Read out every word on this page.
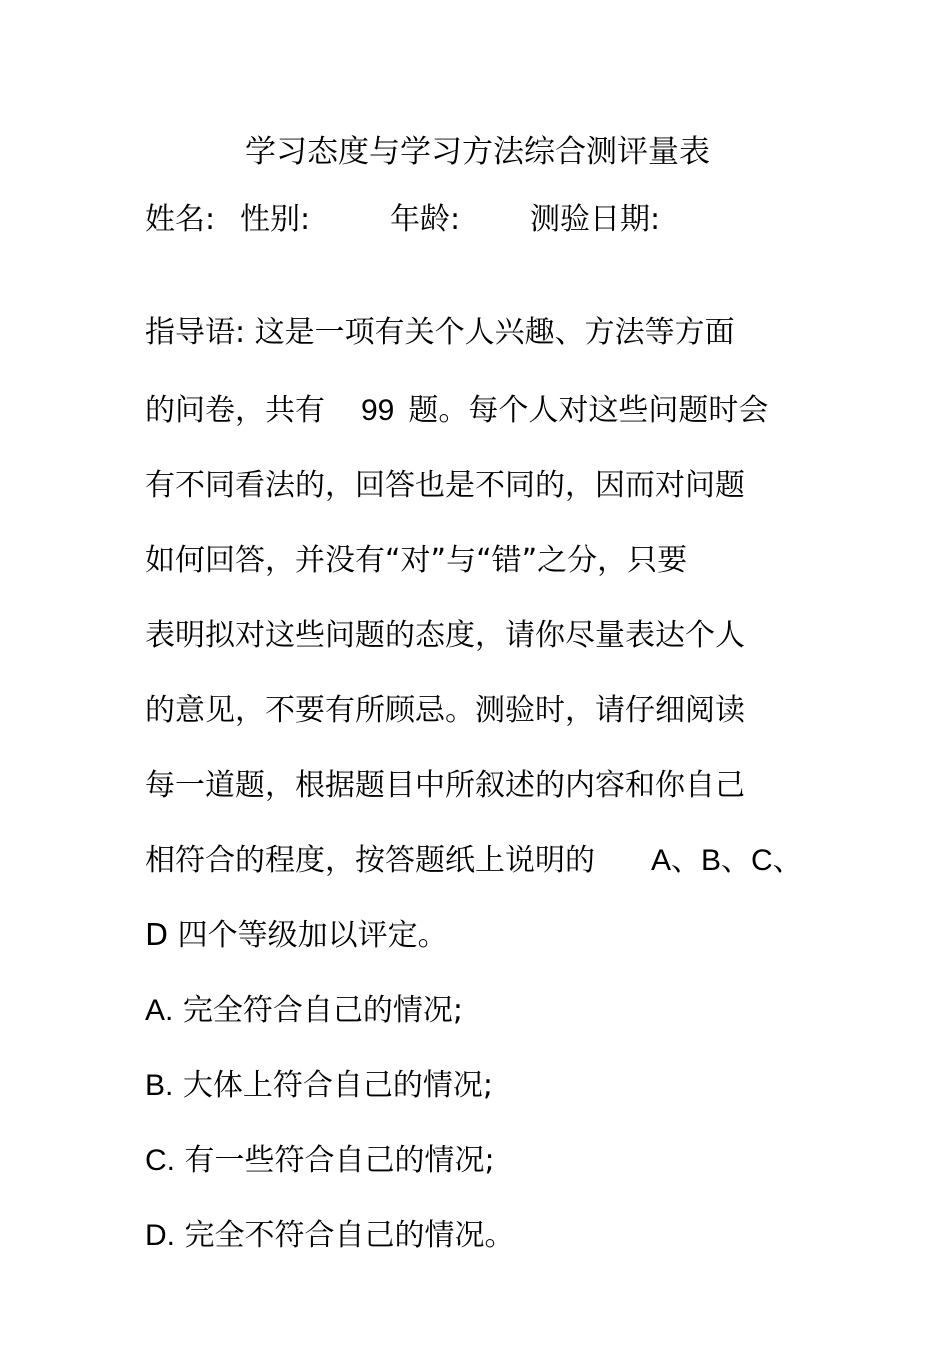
学习态度与学习方法综合测评量表
姓名: 性别:	年龄: 测验日期:
指导语: 这是一项有关个人兴趣、方法等方面
的问卷，共有 99 题。每个人对这些问题时会
有不同看法的，回答也是不同的，因而对问题
如何回答，并没有“对”与“错”之分，只要
表明拟对这些问题的态度，请你尽量表达个人
的意见，不要有所顾忌。测验时，请仔细阅读
每一道题，根据题目中所叙述的内容和你自己
相符合的程度，按答题纸上说明的 A、B、C、
D 四个等级加以评定。
A. 完全符合自己的情况;
B. 大体上符合自己的情况;
C. 有一些符合自己的情况;
D. 完全不符合自己的情况。
